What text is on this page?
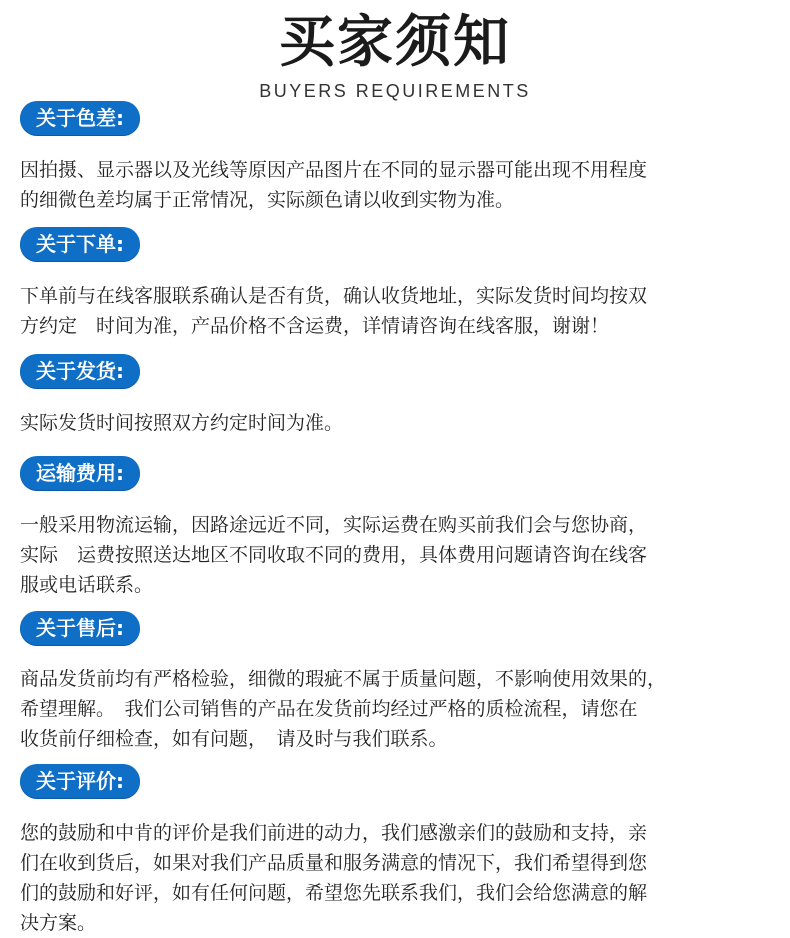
买家须知
BUYERS REQUIREMENTS
关于色差:
因拍摄、显示器以及光线等原因产品图片在不同的显示器可能出现不用程度
的细微色差均属于正常情况，实际颜色请以收到实物为准。
关于下单:
下单前与在线客服联系确认是否有货，确认收货地址，实际发货时间均按双
方约定　时间为准，产品价格不含运费，详情请咨询在线客服，谢谢！
关于发货:
实际发货时间按照双方约定时间为准。
运输费用:
一般采用物流运输，因路途远近不同，实际运费在购买前我们会与您协商，
实际　运费按照送达地区不同收取不同的费用，具体费用问题请咨询在线客
服或电话联系。
关于售后:
商品发货前均有严格检验，细微的瑕疵不属于质量问题，不影响使用效果的，
希望理解。　我们公司销售的产品在发货前均经过严格的质检流程，请您在
收货前仔细检查，如有问题，　请及时与我们联系。
关于评价:
您的鼓励和中肯的评价是我们前进的动力，我们感激亲们的鼓励和支持，亲
们在收到货后，如果对我们产品质量和服务满意的情况下，我们希望得到您
们的鼓励和好评，如有任何问题，希望您先联系我们，我们会给您满意的解
决方案。
